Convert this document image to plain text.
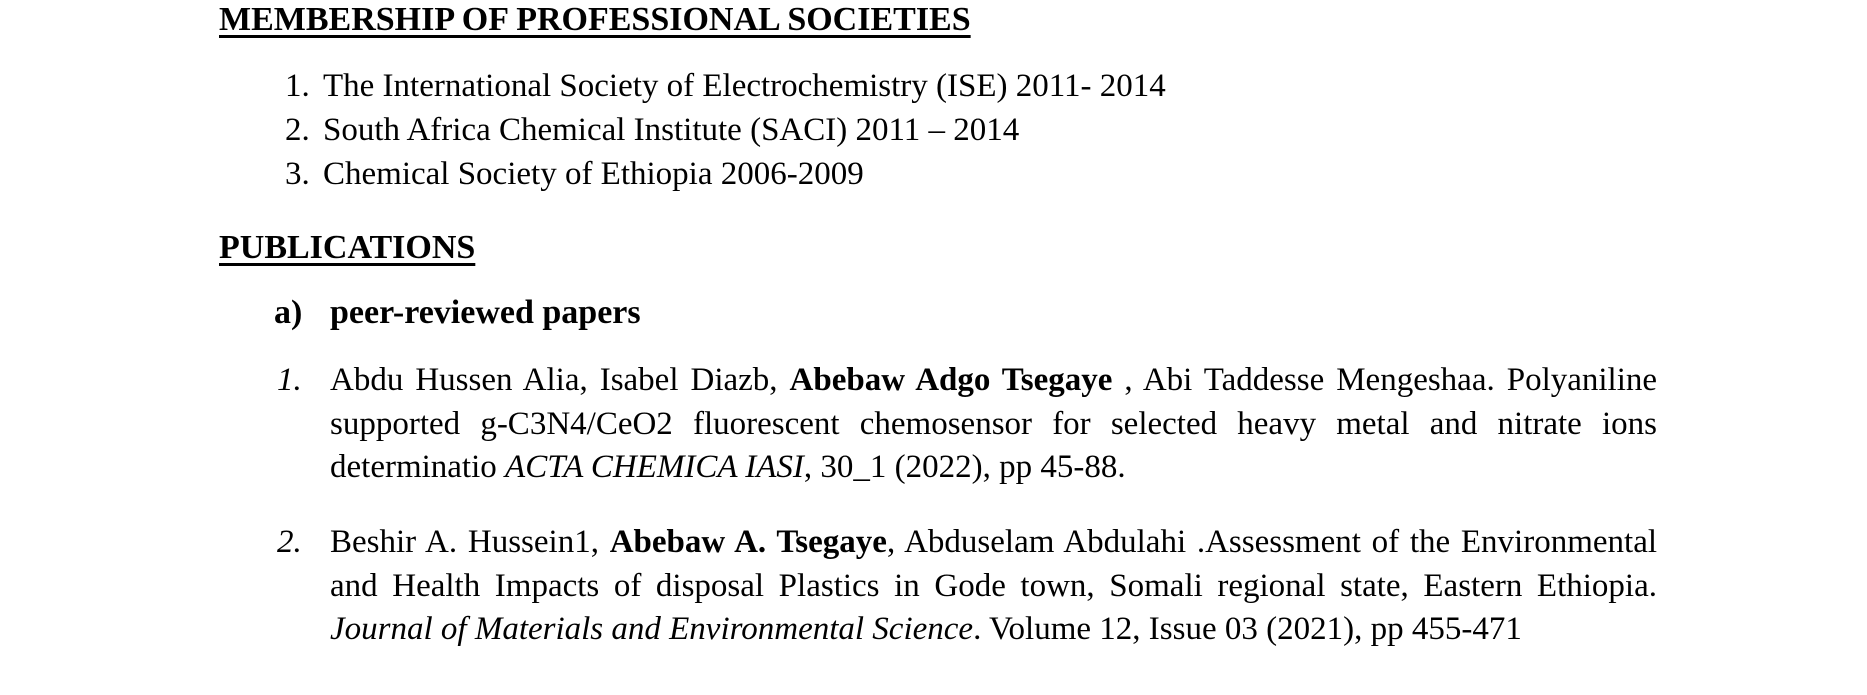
MEMBERSHIP OF PROFESSIONAL SOCIETIES
1. The International Society of Electrochemistry (ISE) 2011- 2014
2. South Africa Chemical Institute (SACI) 2011 – 2014
3. Chemical Society of Ethiopia 2006-2009
PUBLICATIONS
a) peer-reviewed papers
1. Abdu Hussen Alia, Isabel Diazb, Abebaw Adgo Tsegaye , Abi Taddesse Mengeshaa. Polyaniline supported g-C3N4/CeO2 fluorescent chemosensor for selected heavy metal and nitrate ions determinatio ACTA CHEMICA IASI, 30_1 (2022), pp 45-88.
2. Beshir A. Hussein1, Abebaw A. Tsegaye, Abduselam Abdulahi .Assessment of the Environmental and Health Impacts of disposal Plastics in Gode town, Somali regional state, Eastern Ethiopia. Journal of Materials and Environmental Science. Volume 12, Issue 03 (2021), pp 455-471
